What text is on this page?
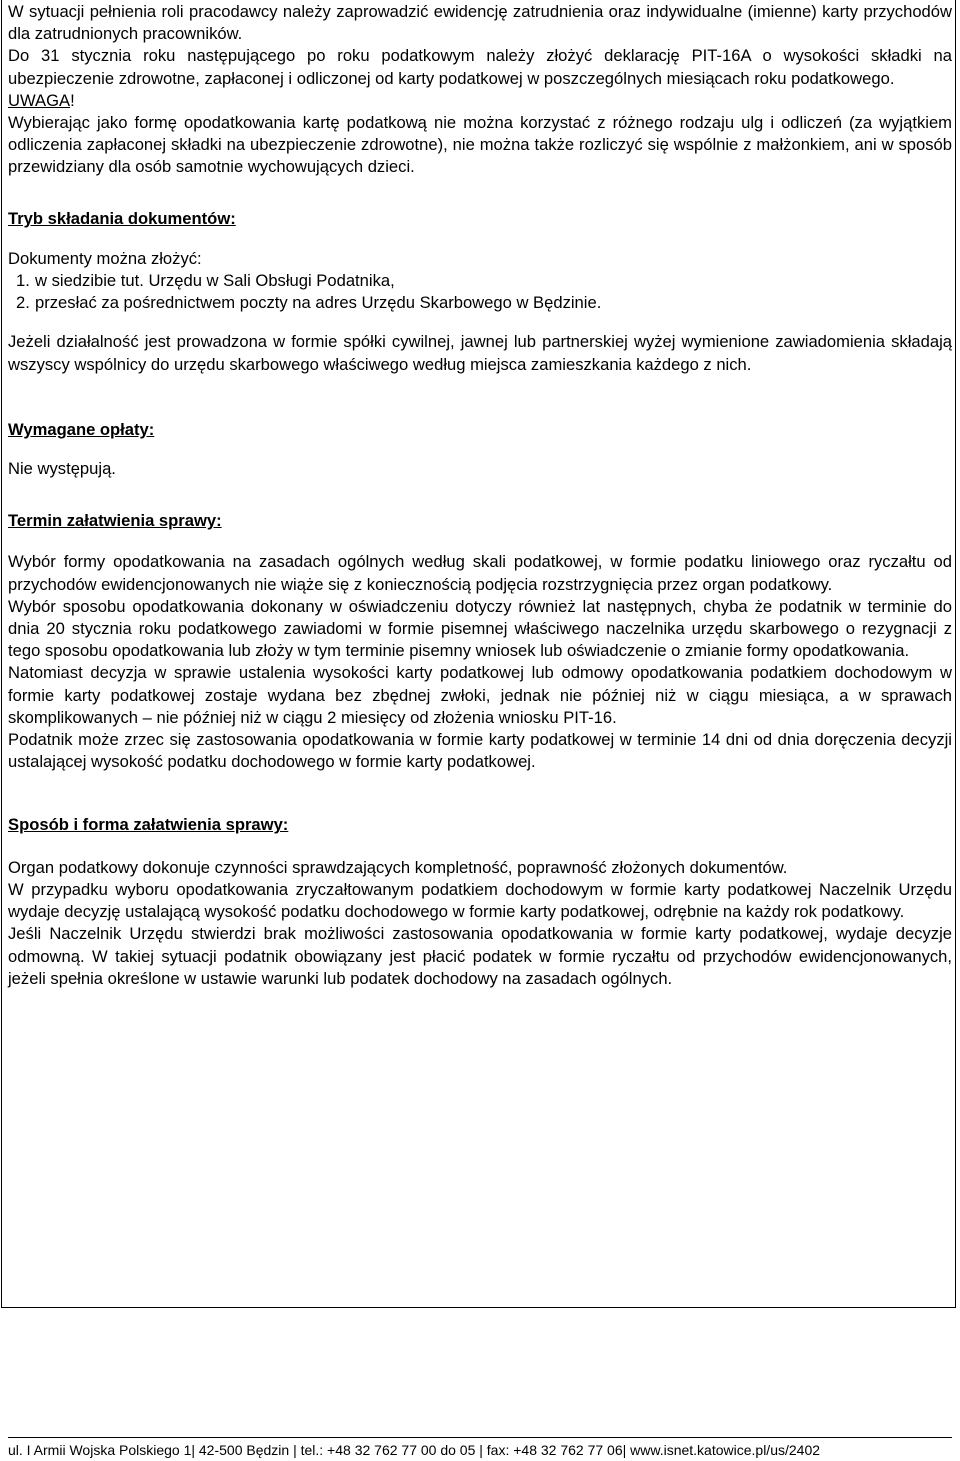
W sytuacji pełnienia roli pracodawcy należy zaprowadzić ewidencję zatrudnienia oraz indywidualne (imienne) karty przychodów dla zatrudnionych pracowników.

Do 31 stycznia roku następującego po roku podatkowym należy złożyć deklarację PIT-16A o wysokości składki na ubezpieczenie zdrowotne, zapłaconej i odliczonej od karty podatkowej w poszczególnych miesiącach roku podatkowego.

UWAGA!

Wybierając jako formę opodatkowania kartę podatkową nie można korzystać z różnego rodzaju ulg i odliczeń (za wyjątkiem odliczenia zapłaconej składki na ubezpieczenie zdrowotne), nie można także rozliczyć się wspólnie z małżonkiem, ani w sposób przewidziany dla osób samotnie wychowujących dzieci.

Tryb składania dokumentów:

Dokumenty można złożyć:

1. w siedzibie tut. Urzędu w Sali Obsługi Podatnika,
2. przesłać za pośrednictwem poczty na adres Urzędu Skarbowego w Będzinie.

Jeżeli działalność jest prowadzona w formie spółki cywilnej, jawnej lub partnerskiej wyżej wymienione zawiadomienia składają wszyscy wspólnicy do urzędu skarbowego właściwego według miejsca zamieszkania każdego z nich.

Wymagane opłaty:

Nie występują.

Termin załatwienia sprawy:

Wybór formy opodatkowania na zasadach ogólnych według skali podatkowej, w formie podatku liniowego oraz ryczałtu od przychodów ewidencjonowanych nie wiąże się z koniecznością podjęcia rozstrzygnięcia przez organ podatkowy.

Wybór sposobu opodatkowania dokonany w oświadczeniu dotyczy również lat następnych, chyba że podatnik w terminie do dnia 20 stycznia roku podatkowego zawiadomi w formie pisemnej właściwego naczelnika urzędu skarbowego o rezygnacji z tego sposobu opodatkowania lub złoży w tym terminie pisemny wniosek lub oświadczenie o zmianie formy opodatkowania.

Natomiast decyzja w sprawie ustalenia wysokości karty podatkowej lub odmowy opodatkowania podatkiem dochodowym w formie karty podatkowej zostaje wydana bez zbędnej zwłoki, jednak nie później niż w ciągu miesiąca, a w sprawach skomplikowanych – nie później niż w ciągu 2 miesięcy od złożenia wniosku PIT-16.

Podatnik może zrzec się zastosowania opodatkowania w formie karty podatkowej w terminie 14 dni od dnia doręczenia decyzji ustalającej wysokość podatku dochodowego w formie karty podatkowej.

Sposób i forma załatwienia sprawy:

Organ podatkowy dokonuje czynności sprawdzających kompletność, poprawność złożonych dokumentów.

W przypadku wyboru opodatkowania zryczałtowanym podatkiem dochodowym w formie karty podatkowej Naczelnik Urzędu wydaje decyzję ustalającą wysokość podatku dochodowego w formie karty podatkowej, odrębnie na każdy rok podatkowy.

Jeśli Naczelnik Urzędu stwierdzi brak możliwości zastosowania opodatkowania w formie karty podatkowej, wydaje decyzje odmowną. W takiej sytuacji podatnik obowiązany jest płacić podatek w formie ryczałtu od przychodów ewidencjonowanych, jeżeli spełnia określone w ustawie warunki lub podatek dochodowy na zasadach ogólnych.

ul. I Armii Wojska Polskiego 1| 42-500 Będzin | tel.: +48 32 762 77 00 do 05 | fax: +48 32 762 77 06| www.isnet.katowice.pl/us/2402
